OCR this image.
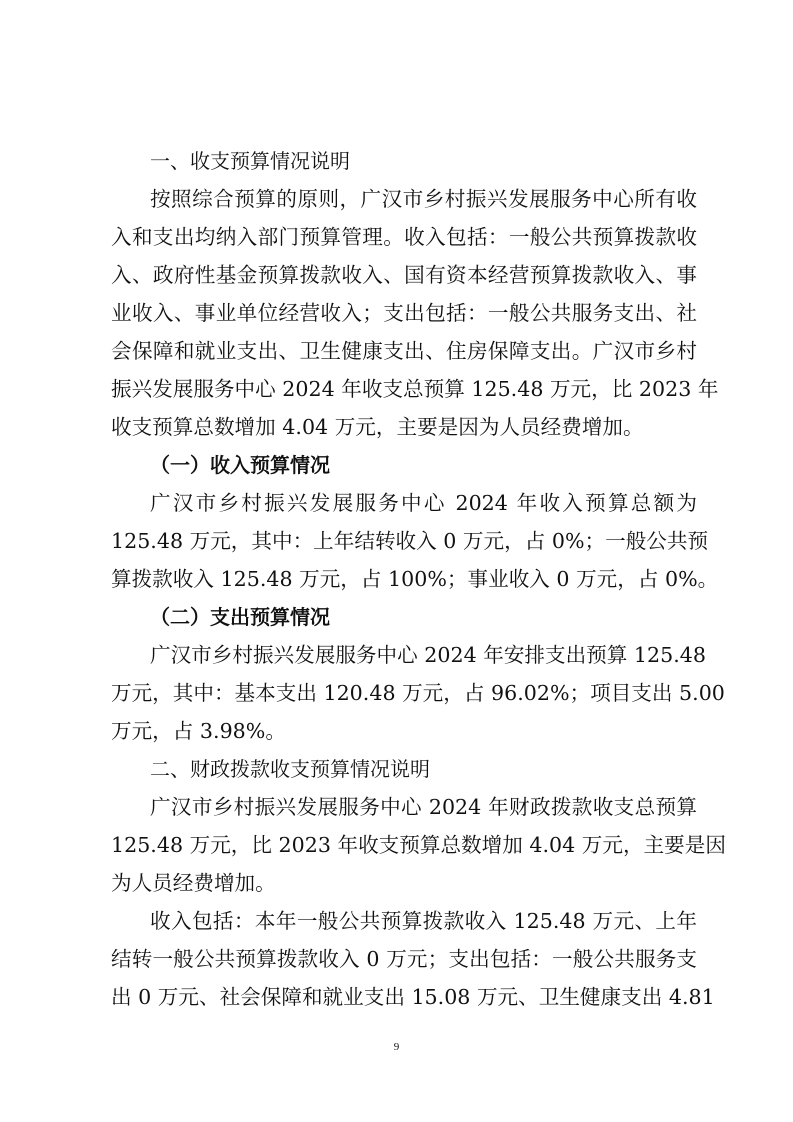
一、收支预算情况说明
按照综合预算的原则，广汉市乡村振兴发展服务中心所有收
入和支出均纳入部门预算管理。收入包括：一般公共预算拨款收
入、政府性基金预算拨款收入、国有资本经营预算拨款收入、事
业收入、事业单位经营收入；支出包括：一般公共服务支出、社
会保障和就业支出、卫生健康支出、住房保障支出。广汉市乡村
振兴发展服务中心 2024 年收支总预算 125.48 万元，比 2023 年
收支预算总数增加 4.04 万元，主要是因为人员经费增加。
（一）收入预算情况
广汉市乡村振兴发展服务中心 2024 年收入预算总额为
125.48 万元，其中：上年结转收入 0 万元，占 0%；一般公共预
算拨款收入 125.48 万元，占 100%；事业收入 0 万元，占 0%。
（二）支出预算情况
广汉市乡村振兴发展服务中心 2024 年安排支出预算 125.48
万元，其中：基本支出 120.48 万元，占 96.02%；项目支出 5.00
万元，占 3.98%。
二、财政拨款收支预算情况说明
广汉市乡村振兴发展服务中心 2024 年财政拨款收支总预算
125.48 万元，比 2023 年收支预算总数增加 4.04 万元，主要是因
为人员经费增加。
收入包括：本年一般公共预算拨款收入 125.48 万元、上年
结转一般公共预算拨款收入 0 万元；支出包括：一般公共服务支
出 0 万元、社会保障和就业支出 15.08 万元、卫生健康支出 4.81
9
